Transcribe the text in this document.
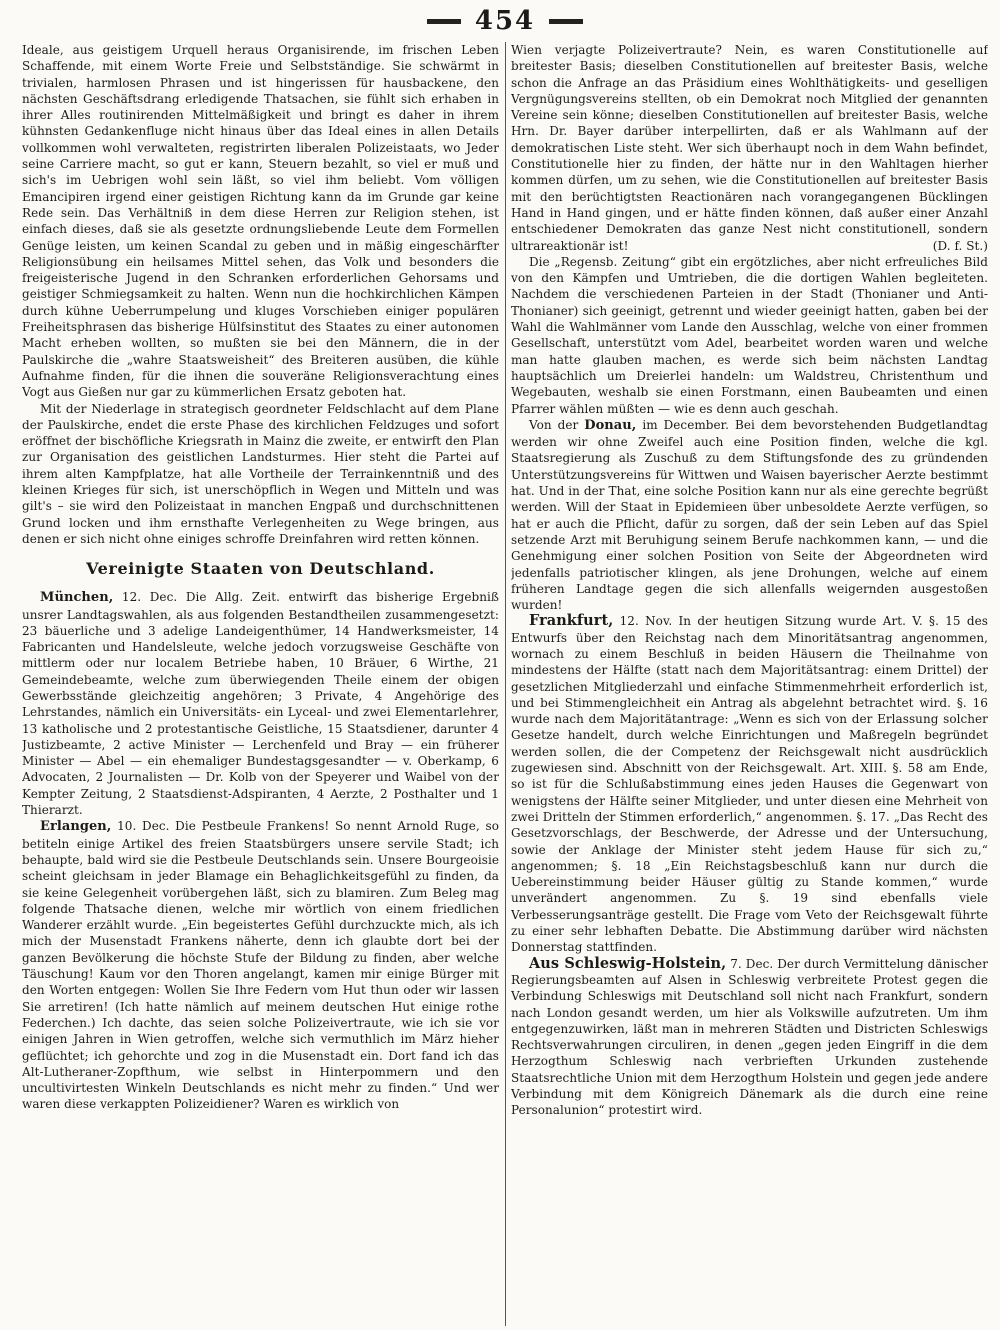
454

Ideale, aus geistigem Urquell heraus Organisirende, im frischen Leben Schaffende, mit einem Worte Freie und Selbstständige. Sie schwärmt in trivialen, harmlosen Phrasen und ist hingerissen für hausbackene, den nächsten Geschäftsdrang erledigende Thatsachen, sie fühlt sich erhaben in ihrer Alles routinirenden Mittelmäßigkeit und bringt es daher in ihrem kühnsten Gedankenfluge nicht hinaus über das Ideal eines in allen Details vollkommen wohl verwalteten, registrirten liberalen Polizeistaats, wo Jeder seine Carriere macht, so gut er kann, Steuern bezahlt, so viel er muß und sich's im Uebrigen wohl sein läßt, so viel ihm beliebt. Vom völligen Emancipiren irgend einer geistigen Richtung kann da im Grunde gar keine Rede sein. Das Verhältniß in dem diese Herren zur Religion stehen, ist einfach dieses, daß sie als gesetzte ordnungsliebende Leute dem Formellen Genüge leisten, um keinen Scandal zu geben und in mäßig eingeschärfter Religionsübung ein heilsames Mittel sehen, das Volk und besonders die freigeisterische Jugend in den Schranken erforderlichen Gehorsams und geistiger Schmiegsamkeit zu halten. Wenn nun die hochkirchlichen Kämpen durch kühne Ueberrumpelung und kluges Vorschieben einiger populären Freiheitsphrasen das bisherige Hülfsinstitut des Staates zu einer autonomen Macht erheben wollten, so mußten sie bei den Männern, die in der Paulskirche die „wahre Staatsweisheit“ des Breiteren ausüben, die kühle Aufnahme finden, für die ihnen die souveräne Religionsverachtung eines Vogt aus Gießen nur gar zu kümmerlichen Ersatz geboten hat.

Mit der Niederlage in strategisch geordneter Feldschlacht auf dem Plane der Paulskirche, endet die erste Phase des kirchlichen Feldzuges und sofort eröffnet der bischöfliche Kriegsrath in Mainz die zweite, er entwirft den Plan zur Organisation des geistlichen Landsturmes. Hier steht die Partei auf ihrem alten Kampfplatze, hat alle Vortheile der Terrainkenntniß und des kleinen Krieges für sich, ist unerschöpflich in Wegen und Mitteln und was gilt's – sie wird den Polizeistaat in manchen Engpaß und durchschnittenen Grund locken und ihm ernsthafte Verlegenheiten zu Wege bringen, aus denen er sich nicht ohne einiges schroffe Dreinfahren wird retten können.

Vereinigte Staaten von Deutschland.

München, 12. Dec. Die Allg. Zeit. entwirft das bisherige Ergebniß unsrer Landtagswahlen, als aus folgenden Bestandtheilen zusammengesetzt: 23 bäuerliche und 3 adelige Landeigenthümer, 14 Handwerksmeister, 14 Fabricanten und Handelsleute, welche jedoch vorzugsweise Geschäfte von mittlerm oder nur localem Betriebe haben, 10 Bräuer, 6 Wirthe, 21 Gemeindebeamte, welche zum überwiegenden Theile einem der obigen Gewerbsstände gleichzeitig angehören; 3 Private, 4 Angehörige des Lehrstandes, nämlich ein Universitäts- ein Lyceal- und zwei Elementarlehrer, 13 katholische und 2 protestantische Geistliche, 15 Staatsdiener, darunter 4 Justizbeamte, 2 active Minister — Lerchenfeld und Bray — ein früherer Minister — Abel — ein ehemaliger Bundestagsgesandter — v. Oberkamp, 6 Advocaten, 2 Journalisten — Dr. Kolb von der Speyerer und Waibel von der Kempter Zeitung, 2 Staatsdienst-Adspiranten, 4 Aerzte, 2 Posthalter und 1 Thierarzt.

Erlangen, 10. Dec. Die Pestbeule Frankens! So nennt Arnold Ruge, so betiteln einige Artikel des freien Staatsbürgers unsere servile Stadt; ich behaupte, bald wird sie die Pestbeule Deutschlands sein. Unsere Bourgeoisie scheint gleichsam in jeder Blamage ein Behaglichkeitsgefühl zu finden, da sie keine Gelegenheit vorübergehen läßt, sich zu blamiren. Zum Beleg mag folgende Thatsache dienen, welche mir wörtlich von einem friedlichen Wanderer erzählt wurde. „Ein begeistertes Gefühl durchzuckte mich, als ich mich der Musenstadt Frankens näherte, denn ich glaubte dort bei der ganzen Bevölkerung die höchste Stufe der Bildung zu finden, aber welche Täuschung! Kaum vor den Thoren angelangt, kamen mir einige Bürger mit den Worten entgegen: Wollen Sie Ihre Federn vom Hut thun oder wir lassen Sie arretiren! (Ich hatte nämlich auf meinem deutschen Hut einige rothe Federchen.) Ich dachte, das seien solche Polizeivertraute, wie ich sie vor einigen Jahren in Wien getroffen, welche sich vermuthlich im März hieher geflüchtet; ich gehorchte und zog in die Musenstadt ein. Dort fand ich das Alt-Lutheraner-Zopfthum, wie selbst in Hinterpommern und den uncultivirtesten Winkeln Deutschlands es nicht mehr zu finden.“ Und wer waren diese verkappten Polizeidiener? Waren es wirklich von

Wien verjagte Polizeivertraute? Nein, es waren Constitutionelle auf breitester Basis; dieselben Constitutionellen auf breitester Basis, welche schon die Anfrage an das Präsidium eines Wohlthätigkeits- und geselligen Vergnügungsvereins stellten, ob ein Demokrat noch Mitglied der genannten Vereine sein könne; dieselben Constitutionellen auf breitester Basis, welche Hrn. Dr. Bayer darüber interpellirten, daß er als Wahlmann auf der demokratischen Liste steht. Wer sich überhaupt noch in dem Wahn befindet, Constitutionelle hier zu finden, der hätte nur in den Wahltagen hierher kommen dürfen, um zu sehen, wie die Constitutionellen auf breitester Basis mit den berüchtigtsten Reactionären nach vorangegangenen Bücklingen Hand in Hand gingen, und er hätte finden können, daß außer einer Anzahl entschiedener Demokraten das ganze Nest nicht constitutionell, sondern ultrareaktionär ist!	(D. f. St.)

Die „Regensb. Zeitung“ gibt ein ergötzliches, aber nicht erfreuliches Bild von den Kämpfen und Umtrieben, die die dortigen Wahlen begleiteten. Nachdem die verschiedenen Parteien in der Stadt (Thonianer und Anti-Thonianer) sich geeinigt, getrennt und wieder geeinigt hatten, gaben bei der Wahl die Wahlmänner vom Lande den Ausschlag, welche von einer frommen Gesellschaft, unterstützt vom Adel, bearbeitet worden waren und welche man hatte glauben machen, es werde sich beim nächsten Landtag hauptsächlich um Dreierlei handeln: um Waldstreu, Christenthum und Wegebauten, weshalb sie einen Forstmann, einen Baubeamten und einen Pfarrer wählen müßten — wie es denn auch geschah.

Von der Donau, im December. Bei dem bevorstehenden Budgetlandtag werden wir ohne Zweifel auch eine Position finden, welche die kgl. Staatsregierung als Zuschuß zu dem Stiftungsfonde des zu gründenden Unterstützungsvereins für Wittwen und Waisen bayerischer Aerzte bestimmt hat. Und in der That, eine solche Position kann nur als eine gerechte begrüßt werden. Will der Staat in Epidemieen über unbesoldete Aerzte verfügen, so hat er auch die Pflicht, dafür zu sorgen, daß der sein Leben auf das Spiel setzende Arzt mit Beruhigung seinem Berufe nachkommen kann, — und die Genehmigung einer solchen Position von Seite der Abgeordneten wird jedenfalls patriotischer klingen, als jene Drohungen, welche auf einem früheren Landtage gegen die sich allenfalls weigernden ausgestoßen wurden!

Frankfurt, 12. Nov. In der heutigen Sitzung wurde Art. V. §. 15 des Entwurfs über den Reichstag nach dem Minoritätsantrag angenommen, wornach zu einem Beschluß in beiden Häusern die Theilnahme von mindestens der Hälfte (statt nach dem Majoritätsantrag: einem Drittel) der gesetzlichen Mitgliederzahl und einfache Stimmenmehrheit erforderlich ist, und bei Stimmengleichheit ein Antrag als abgelehnt betrachtet wird. §. 16 wurde nach dem Majoritätantrage: „Wenn es sich von der Erlassung solcher Gesetze handelt, durch welche Einrichtungen und Maßregeln begründet werden sollen, die der Competenz der Reichsgewalt nicht ausdrücklich zugewiesen sind. Abschnitt von der Reichsgewalt. Art. XIII. §. 58 am Ende, so ist für die Schlußabstimmung eines jeden Hauses die Gegenwart von wenigstens der Hälfte seiner Mitglieder, und unter diesen eine Mehrheit von zwei Dritteln der Stimmen erforderlich,“ angenommen. §. 17. „Das Recht des Gesetzvorschlags, der Beschwerde, der Adresse und der Untersuchung, sowie der Anklage der Minister steht jedem Hause für sich zu,“ angenommen; §. 18 „Ein Reichstagsbeschluß kann nur durch die Uebereinstimmung beider Häuser gültig zu Stande kommen,“ wurde unverändert angenommen. Zu §. 19 sind ebenfalls viele Verbesserungsanträge gestellt. Die Frage vom Veto der Reichsgewalt führte zu einer sehr lebhaften Debatte. Die Abstimmung darüber wird nächsten Donnerstag stattfinden.

Aus Schleswig-Holstein, 7. Dec. Der durch Vermittelung dänischer Regierungsbeamten auf Alsen in Schleswig verbreitete Protest gegen die Verbindung Schleswigs mit Deutschland soll nicht nach Frankfurt, sondern nach London gesandt werden, um hier als Volkswille aufzutreten. Um ihm entgegenzuwirken, läßt man in mehreren Städten und Districten Schleswigs Rechtsverwahrungen circuliren, in denen „gegen jeden Eingriff in die dem Herzogthum Schleswig nach verbrieften Urkunden zustehende Staatsrechtliche Union mit dem Herzogthum Holstein und gegen jede andere Verbindung mit dem Königreich Dänemark als die durch eine reine Personalunion“ protestirt wird.
